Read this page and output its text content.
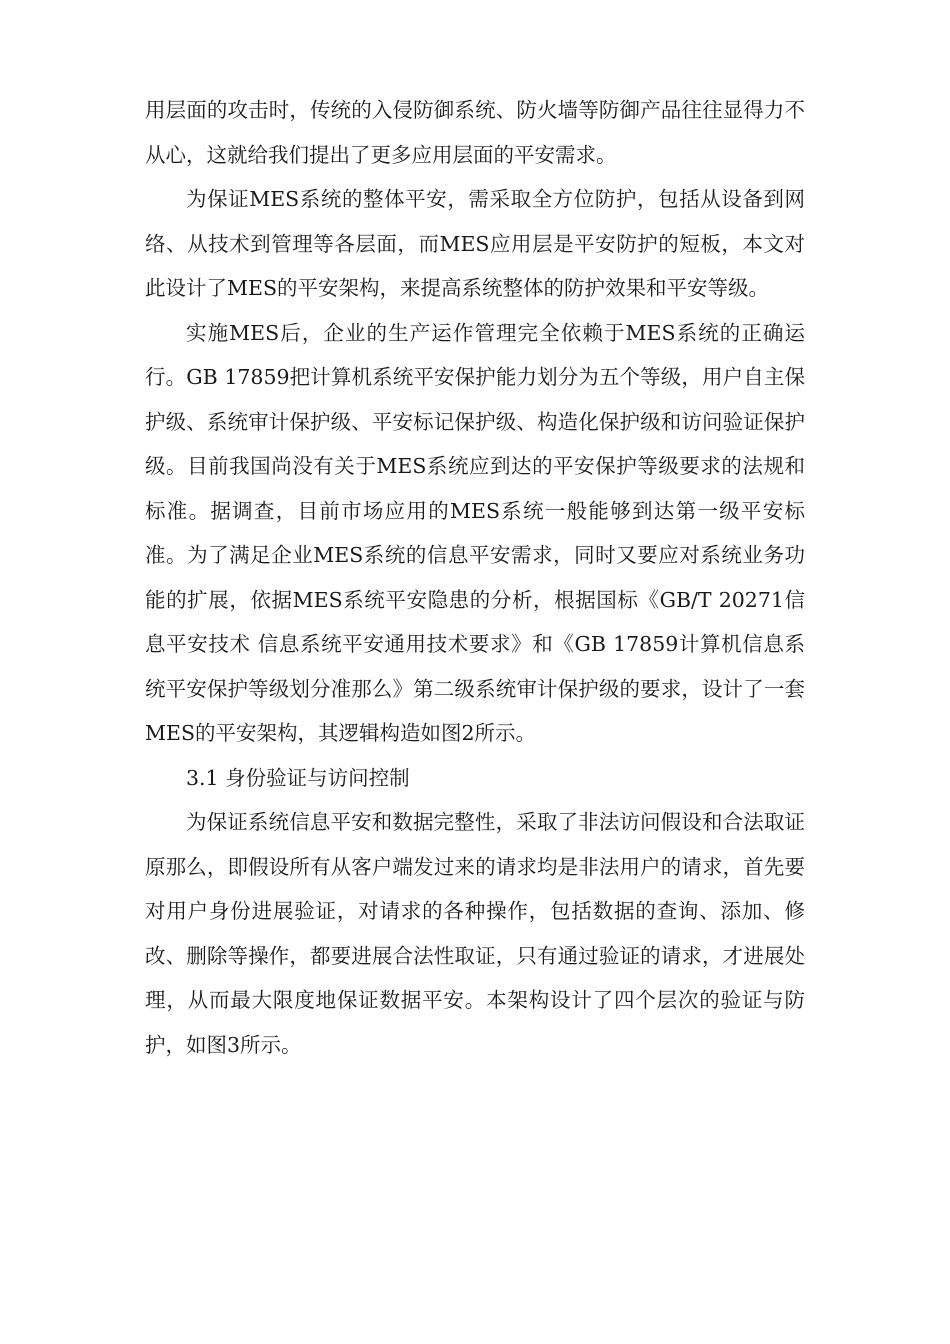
用层面的攻击时，传统的入侵防御系统、防火墙等防御产品往往显得力不从心，这就给我们提出了更多应用层面的平安需求。

为保证MES系统的整体平安，需采取全方位防护，包括从设备到网络、从技术到管理等各层面，而MES应用层是平安防护的短板，本文对此设计了MES的平安架构，来提高系统整体的防护效果和平安等级。

实施MES后，企业的生产运作管理完全依赖于MES系统的正确运行。GB 17859把计算机系统平安保护能力划分为五个等级，用户自主保护级、系统审计保护级、平安标记保护级、构造化保护级和访问验证保护级。目前我国尚没有关于MES系统应到达的平安保护等级要求的法规和标准。据调查，目前市场应用的MES系统一般能够到达第一级平安标准。为了满足企业MES系统的信息平安需求，同时又要应对系统业务功能的扩展，依据MES系统平安隐患的分析，根据国标《GB/T 20271信息平安技术 信息系统平安通用技术要求》和《GB 17859计算机信息系统平安保护等级划分准那么》第二级系统审计保护级的要求，设计了一套MES的平安架构，其逻辑构造如图2所示。

3.1 身份验证与访问控制

为保证系统信息平安和数据完整性，采取了非法访问假设和合法取证原那么，即假设所有从客户端发过来的请求均是非法用户的请求，首先要对用户身份进展验证，对请求的各种操作，包括数据的查询、添加、修改、删除等操作，都要进展合法性取证，只有通过验证的请求，才进展处理，从而最大限度地保证数据平安。本架构设计了四个层次的验证与防护，如图3所示。
